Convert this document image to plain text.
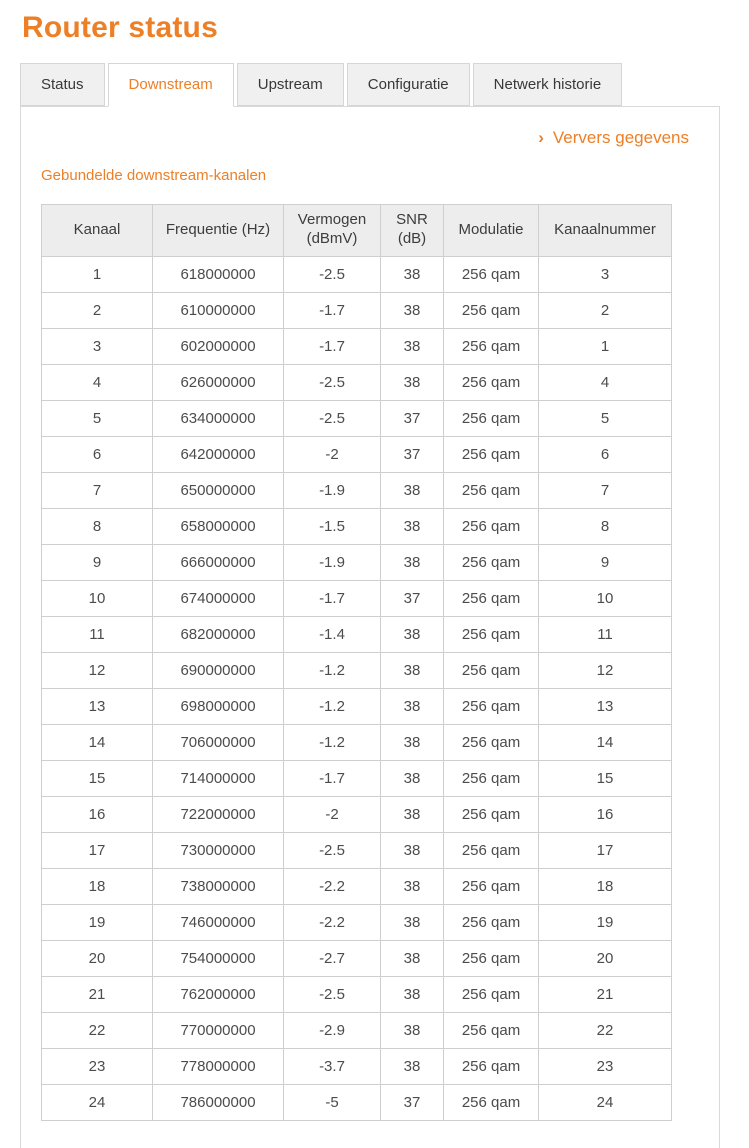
Router status
Status	Downstream	Upstream	Configuratie	Netwerk historie
› Ververs gegevens
Gebundelde downstream-kanalen
Kanaal	Frequentie (Hz)	Vermogen (dBmV)	SNR (dB)	Modulatie	Kanaalnummer
1	618000000	-2.5	38	256 qam	3
2	610000000	-1.7	38	256 qam	2
3	602000000	-1.7	38	256 qam	1
4	626000000	-2.5	38	256 qam	4
5	634000000	-2.5	37	256 qam	5
6	642000000	-2	37	256 qam	6
7	650000000	-1.9	38	256 qam	7
8	658000000	-1.5	38	256 qam	8
9	666000000	-1.9	38	256 qam	9
10	674000000	-1.7	37	256 qam	10
11	682000000	-1.4	38	256 qam	11
12	690000000	-1.2	38	256 qam	12
13	698000000	-1.2	38	256 qam	13
14	706000000	-1.2	38	256 qam	14
15	714000000	-1.7	38	256 qam	15
16	722000000	-2	38	256 qam	16
17	730000000	-2.5	38	256 qam	17
18	738000000	-2.2	38	256 qam	18
19	746000000	-2.2	38	256 qam	19
20	754000000	-2.7	38	256 qam	20
21	762000000	-2.5	38	256 qam	21
22	770000000	-2.9	38	256 qam	22
23	778000000	-3.7	38	256 qam	23
24	786000000	-5	37	256 qam	24
